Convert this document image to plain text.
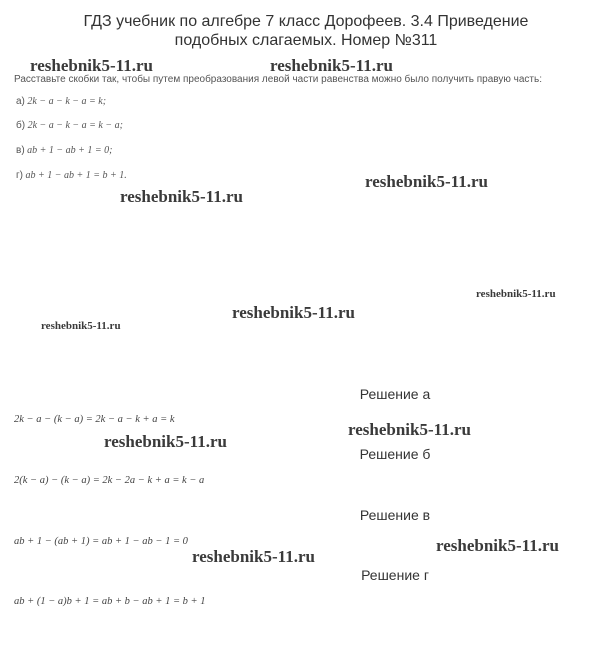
ГДЗ учебник по алгебре 7 класс Дорофеев. 3.4 Приведение
подобных слагаемых. Номер №311
Расставьте скобки так, чтобы путем преобразования левой части равенства можно было получить правую часть:
а) 2k − a − k − a = k;
б) 2k − a − k − a = k − a;
в) ab + 1 − ab + 1 = 0;
г) ab + 1 − ab + 1 = b + 1.
Решение а
2k − a − (k − a) = 2k − a − k + a = k
Решение б
2(k − a) − (k − a) = 2k − 2a − k + a = k − a
Решение в
ab + 1 − (ab + 1) = ab + 1 − ab − 1 = 0
Решение г
ab + (1 − a)b + 1 = ab + b − ab + 1 = b + 1
reshebnik5-11.ru	reshebnik5-11.ru
reshebnik5-11.ru
reshebnik5-11.ru
reshebnik5-11.ru
reshebnik5-11.ru
reshebnik5-11.ru
reshebnik5-11.ru
reshebnik5-11.ru
reshebnik5-11.ru
reshebnik5-11.ru
